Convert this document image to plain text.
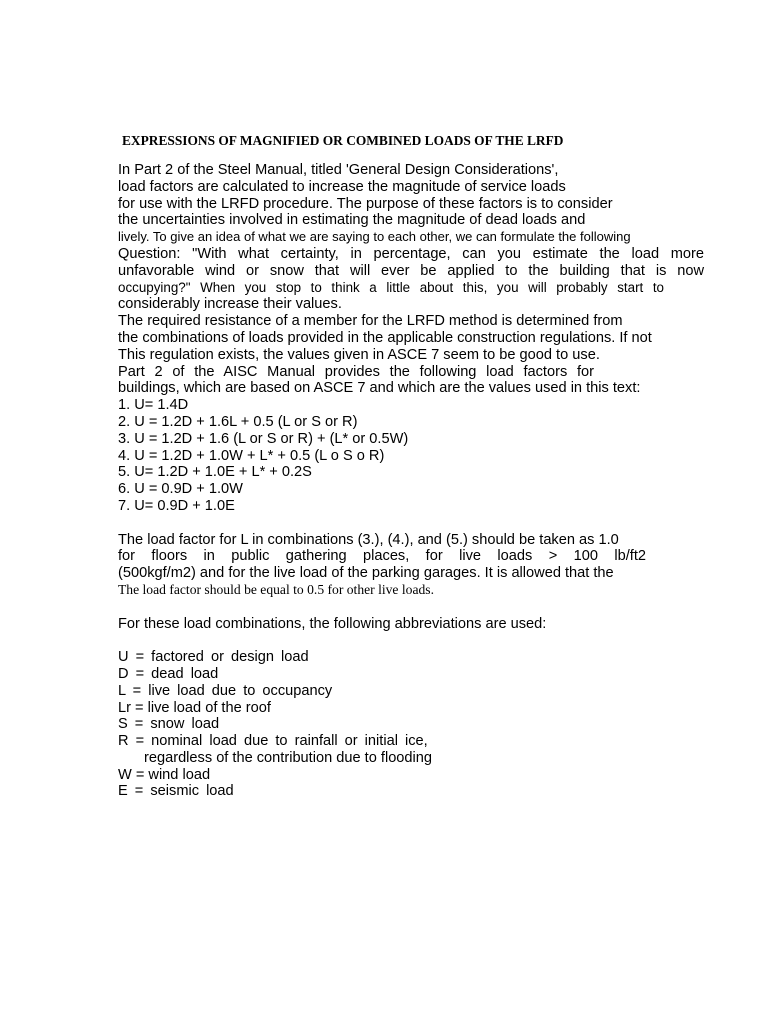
EXPRESSIONS OF MAGNIFIED OR COMBINED LOADS OF THE LRFD
In Part 2 of the Steel Manual, titled 'General Design Considerations',
load factors are calculated to increase the magnitude of service loads
for use with the LRFD procedure. The purpose of these factors is to consider
the uncertainties involved in estimating the magnitude of dead loads and
lively. To give an idea of what we are saying to each other, we can formulate the following
Question: "With what certainty, in percentage, can you estimate the load more
unfavorable wind or snow that will ever be applied to the building that is now
occupying?" When you stop to think a little about this, you will probably start to
considerably increase their values.
The required resistance of a member for the LRFD method is determined from
the combinations of loads provided in the applicable construction regulations. If not
This regulation exists, the values given in ASCE 7 seem to be good to use.
Part 2 of the AISC Manual provides the following load factors for
buildings, which are based on ASCE 7 and which are the values used in this text:
1. U= 1.4D
2. U = 1.2D + 1.6L + 0.5 (L or S or R)
3. U = 1.2D + 1.6 (L or S or R) + (L* or 0.5W)
4. U = 1.2D + 1.0W + L* + 0.5 (L o S o R)
5. U= 1.2D + 1.0E + L* + 0.2S
6. U = 0.9D + 1.0W
7. U= 0.9D + 1.0E
The load factor for L in combinations (3.), (4.), and (5.) should be taken as 1.0
for floors in public gathering places, for live loads > 100 lb/ft2
(500kgf/m2) and for the live load of the parking garages. It is allowed that the
The load factor should be equal to 0.5 for other live loads.
For these load combinations, the following abbreviations are used:
U = factored or design load
D = dead load
L = live load due to occupancy
Lr = live load of the roof
S = snow load
R = nominal load due to rainfall or initial ice,
regardless of the contribution due to flooding
W = wind load
E = seismic load
